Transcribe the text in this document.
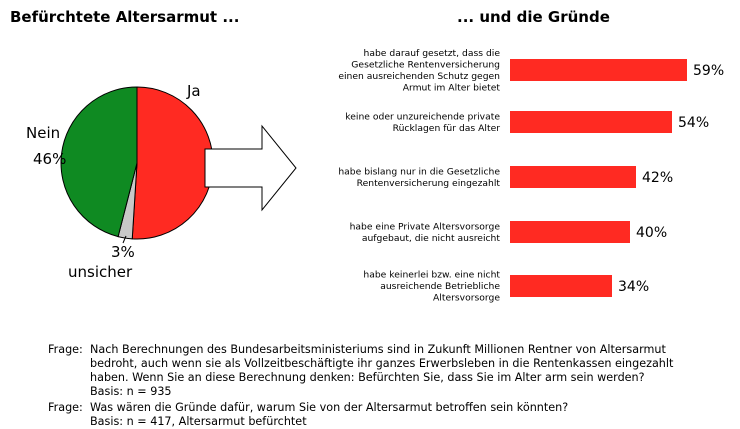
Befürchtete Altersarmut ...	... und die Gründe
Ja
Nein
46%
3%
unsicher
59%
habe darauf gesetzt, dass die
Gesetzliche Rentenversicherung
einen ausreichenden Schutz gegen
Armut im Alter bietet
54%
keine oder unzureichende private
Rücklagen für das Alter
42%
habe bislang nur in die Gesetzliche
Rentenversicherung eingezahlt
40%
habe eine Private Altersvorsorge
aufgebaut, die nicht ausreicht
34%
habe keinerlei bzw. eine nicht
ausreichende Betriebliche
Altersvorsorge
Frage: Nach Berechnungen des Bundesarbeitsministeriums sind in Zukunft Millionen Rentner von Altersarmut
bedroht, auch wenn sie als Vollzeitbeschäftigte ihr ganzes Erwerbsleben in die Rentenkassen eingezahlt
haben. Wenn Sie an diese Berechnung denken: Befürchten Sie, dass Sie im Alter arm sein werden?
Basis: n = 935
Frage: Was wären die Gründe dafür, warum Sie von der Altersarmut betroffen sein könnten?
Basis: n = 417, Altersarmut befürchtet
